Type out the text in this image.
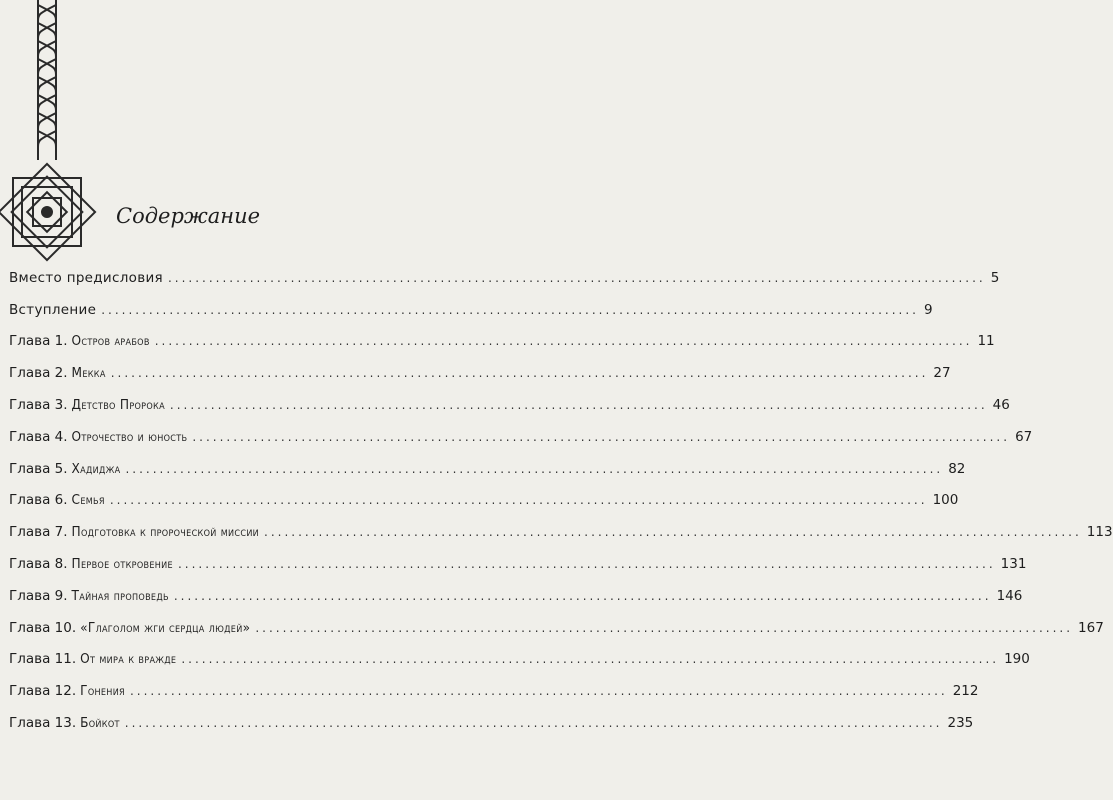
Содержание
Вместо предисловия ........................................................................................................................ 5
Вступление ........................................................................................................................ 9
Глава 1. Остров арабов ........................................................................................................................ 11
Глава 2. Мекка ........................................................................................................................ 27
Глава 3. Детство Пророка ........................................................................................................................ 46
Глава 4. Отрочество и юность ........................................................................................................................ 67
Глава 5. Хадиджа ........................................................................................................................ 82
Глава 6. Семья ........................................................................................................................ 100
Глава 7. Подготовка к пророческой миссии ........................................................................................................................ 113
Глава 8. Первое откровение ........................................................................................................................ 131
Глава 9. Тайная проповедь ........................................................................................................................ 146
Глава 10. «Глаголом жги сердца людей» ........................................................................................................................ 167
Глава 11. От мира к вражде ........................................................................................................................ 190
Глава 12. Гонения ........................................................................................................................ 212
Глава 13. Бойкот ........................................................................................................................ 235
